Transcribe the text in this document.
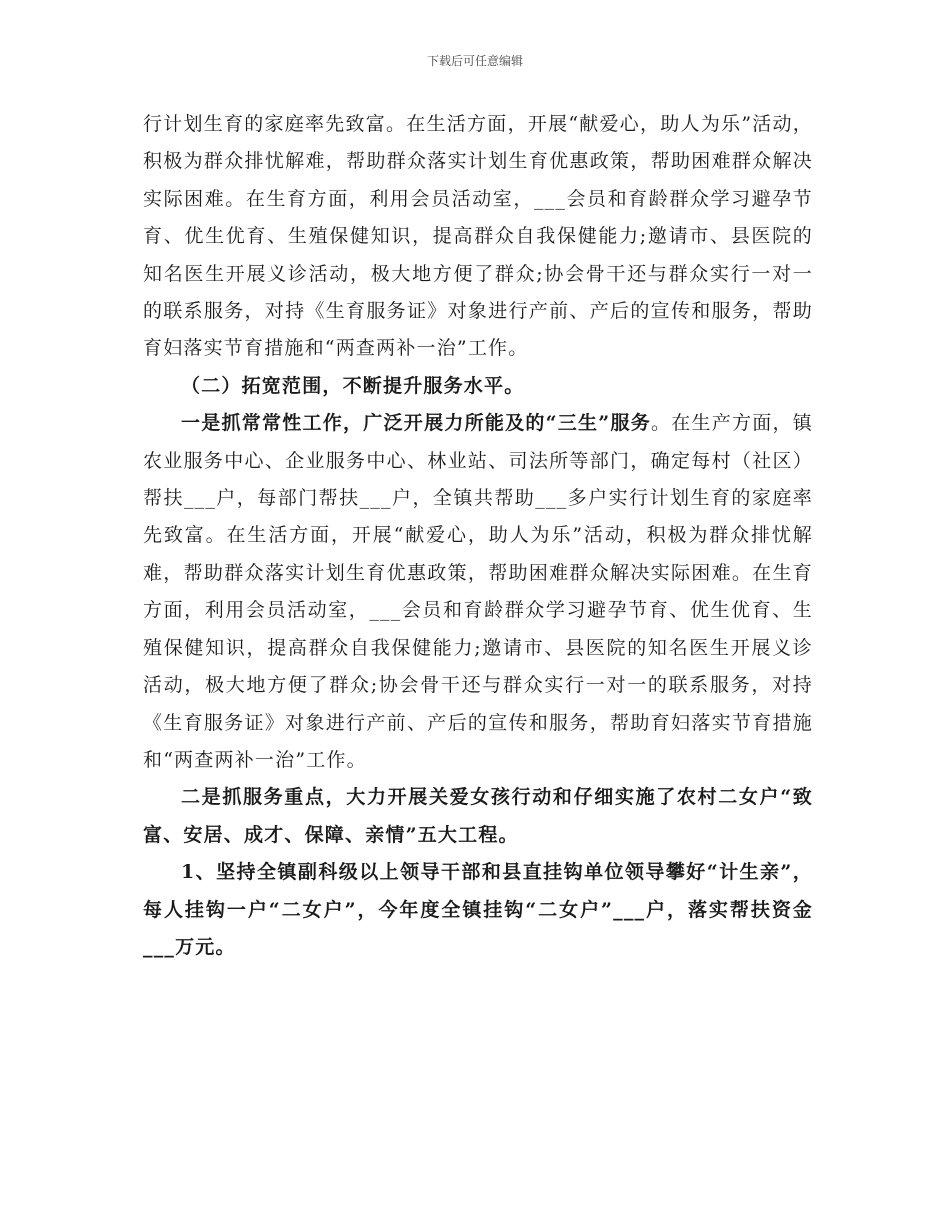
下载后可任意编辑

行计划生育的家庭率先致富。在生活方面，开展“献爱心，助人为乐”活动，积极为群众排忧解难，帮助群众落实计划生育优惠政策，帮助困难群众解决实际困难。在生育方面，利用会员活动室，___会员和育龄群众学习避孕节育、优生优育、生殖保健知识，提高群众自我保健能力;邀请市、县医院的知名医生开展义诊活动，极大地方便了群众;协会骨干还与群众实行一对一的联系服务，对持《生育服务证》对象进行产前、产后的宣传和服务，帮助育妇落实节育措施和“两查两补一治”工作。

（二）拓宽范围，不断提升服务水平。

一是抓常常性工作，广泛开展力所能及的“三生”服务。在生产方面，镇农业服务中心、企业服务中心、林业站、司法所等部门，确定每村（社区）帮扶___户，每部门帮扶___户，全镇共帮助___多户实行计划生育的家庭率先致富。在生活方面，开展“献爱心，助人为乐”活动，积极为群众排忧解难，帮助群众落实计划生育优惠政策，帮助困难群众解决实际困难。在生育方面，利用会员活动室，___会员和育龄群众学习避孕节育、优生优育、生殖保健知识，提高群众自我保健能力;邀请市、县医院的知名医生开展义诊活动，极大地方便了群众;协会骨干还与群众实行一对一的联系服务，对持《生育服务证》对象进行产前、产后的宣传和服务，帮助育妇落实节育措施和“两查两补一治”工作。

二是抓服务重点，大力开展关爱女孩行动和仔细实施了农村二女户“致富、安居、成才、保障、亲情”五大工程。

1、坚持全镇副科级以上领导干部和县直挂钩单位领导攀好“计生亲”，每人挂钩一户“二女户”，今年度全镇挂钩“二女户”___户，落实帮扶资金___万元。
